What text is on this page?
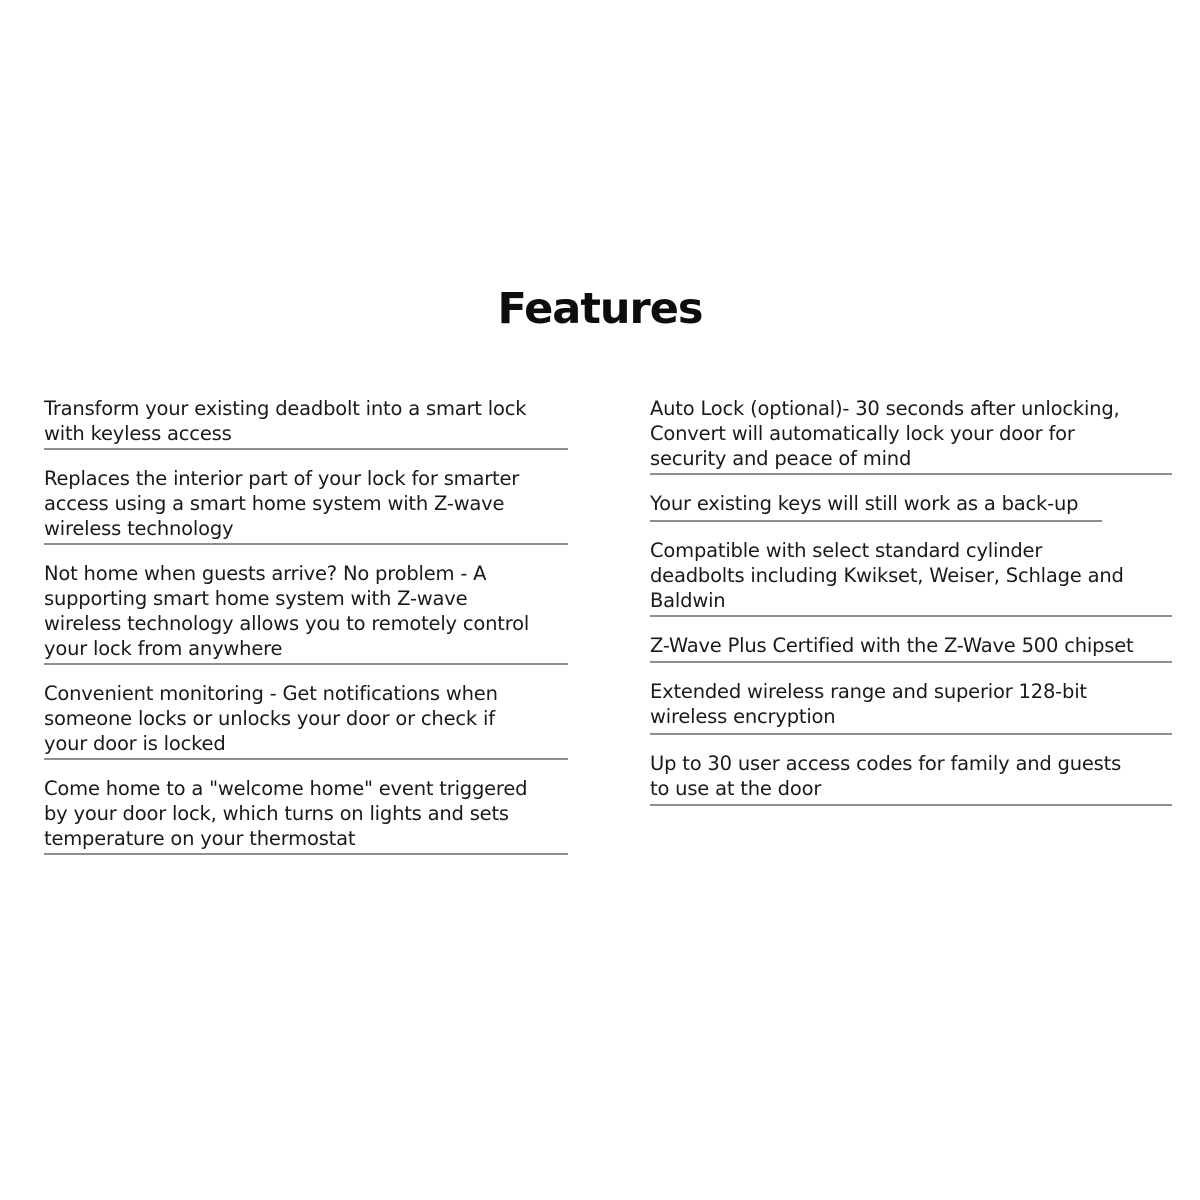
Features
Transform your existing deadbolt into a smart lock
with keyless access
Replaces the interior part of your lock for smarter
access using a smart home system with Z-wave
wireless technology
Not home when guests arrive? No problem - A
supporting smart home system with Z-wave
wireless technology allows you to remotely control
your lock from anywhere
Convenient monitoring - Get notifications when
someone locks or unlocks your door or check if
your door is locked
Come home to a "welcome home" event triggered
by your door lock, which turns on lights and sets
temperature on your thermostat
Auto Lock (optional)- 30 seconds after unlocking,
Convert will automatically lock your door for
security and peace of mind
Your existing keys will still work as a back-up
Compatible with select standard cylinder
deadbolts including Kwikset, Weiser, Schlage and
Baldwin
Z-Wave Plus Certified with the Z-Wave 500 chipset
Extended wireless range and superior 128-bit
wireless encryption
Up to 30 user access codes for family and guests
to use at the door
